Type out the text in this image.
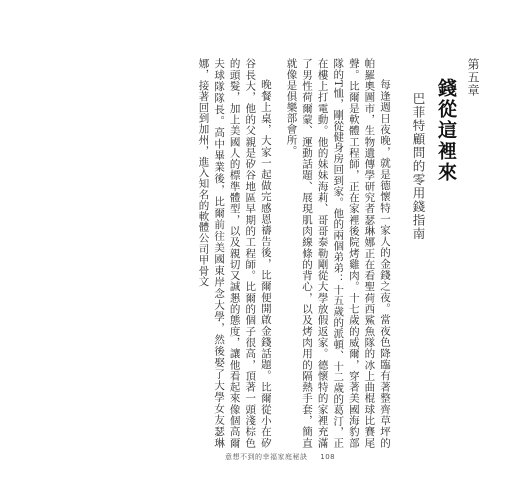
第五章
錢從這裡來
巴菲特顧問的零用錢指南

每逢週日夜晚，就是德懷特一家人的金錢之夜。當夜色降臨有著整齊草坪的帕羅奧圖市，生物遺傳學研究者瑟琳娜正在看聖荷西鯊魚隊的冰上曲棍球比賽尾聲。比爾是軟體工程師，正在家裡後院烤雞肉。十七歲的威爾，穿著美國海豹部隊的T恤，剛從健身房回到家。他的兩個弟弟：十五歲的派頓、十二歲的葛汀，正在樓上打電動。他的妹妹海莉、哥哥泰勒剛從大學放假返家。德懷特的家裡充滿了男性荷爾蒙、運動話題、展現肌肉線條的背心，以及烤肉用的隔熱手套，簡直就像是俱樂部會所。

晚餐上桌，大家一起做完感恩禱告後，比爾便開啟金錢話題。比爾從小在矽谷長大，他的父親是矽谷地區早期的工程師。比爾的個子很高，頂著一頭淺棕色的頭髮，加上美國人的標準體型，以及親切又誠懇的態度，讓他看起來像個高爾夫球隊隊長。高中畢業後，比爾前往美國東岸念大學，然後娶了大學女友瑟琳娜，接著回到加州，進入知名的軟體公司甲骨文

意想不到的幸福家庭秘訣 108
